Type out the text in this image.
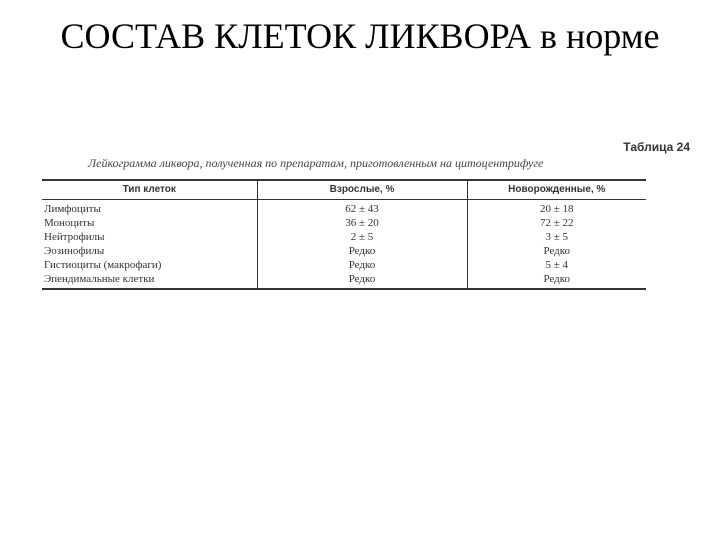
СОСТАВ КЛЕТОК ЛИКВОРА в норме
Таблица 24
Лейкограмма ликвора, полученная по препаратам, приготовленным на цитоцентрифуге
Тип клеток	Взрослые, %	Новорожденные, %
Лимфоциты	62 ± 43	20 ± 18
Моноциты	36 ± 20	72 ± 22
Нейтрофилы	2 ± 5	3 ± 5
Эозинофилы	Редко	Редко
Гистиоциты (макрофаги)	Редко	5 ± 4
Эпендимальные клетки	Редко	Редко
